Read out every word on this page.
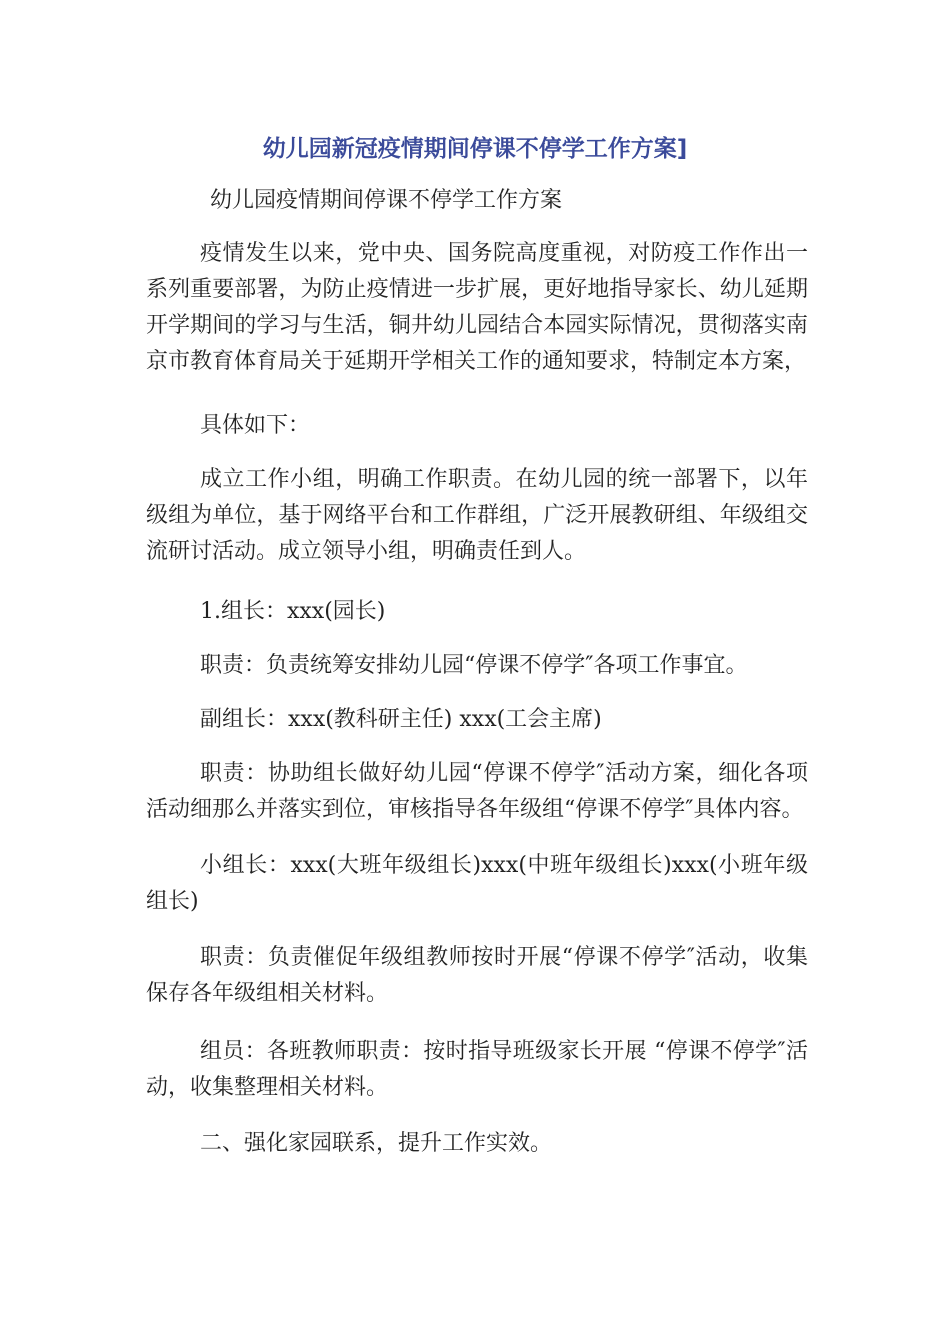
幼儿园新冠疫情期间停课不停学工作方案]
幼儿园疫情期间停课不停学工作方案
疫情发生以来，党中央、国务院高度重视，对防疫工作作出一系列重要部署，为防止疫情进一步扩展，更好地指导家长、幼儿延期开学期间的学习与生活，铜井幼儿园结合本园实际情况，贯彻落实南京市教育体育局关于延期开学相关工作的通知要求，特制定本方案，
具体如下：
成立工作小组，明确工作职责。在幼儿园的统一部署下，以年级组为单位，基于网络平台和工作群组，广泛开展教研组、年级组交流研讨活动。成立领导小组，明确责任到人。
1.组长：xxx(园长)
职责：负责统筹安排幼儿园“停课不停学″各项工作事宜。
副组长：xxx(教科研主任) xxx(工会主席)
职责：协助组长做好幼儿园“停课不停学″活动方案，细化各项活动细那么并落实到位，审核指导各年级组“停课不停学″具体内容。
小组长：xxx(大班年级组长)xxx(中班年级组长)xxx(小班年级组长)
职责：负责催促年级组教师按时开展“停课不停学″活动，收集保存各年级组相关材料。
组员：各班教师职责：按时指导班级家长开展 “停课不停学″活动，收集整理相关材料。
二、强化家园联系，提升工作实效。
